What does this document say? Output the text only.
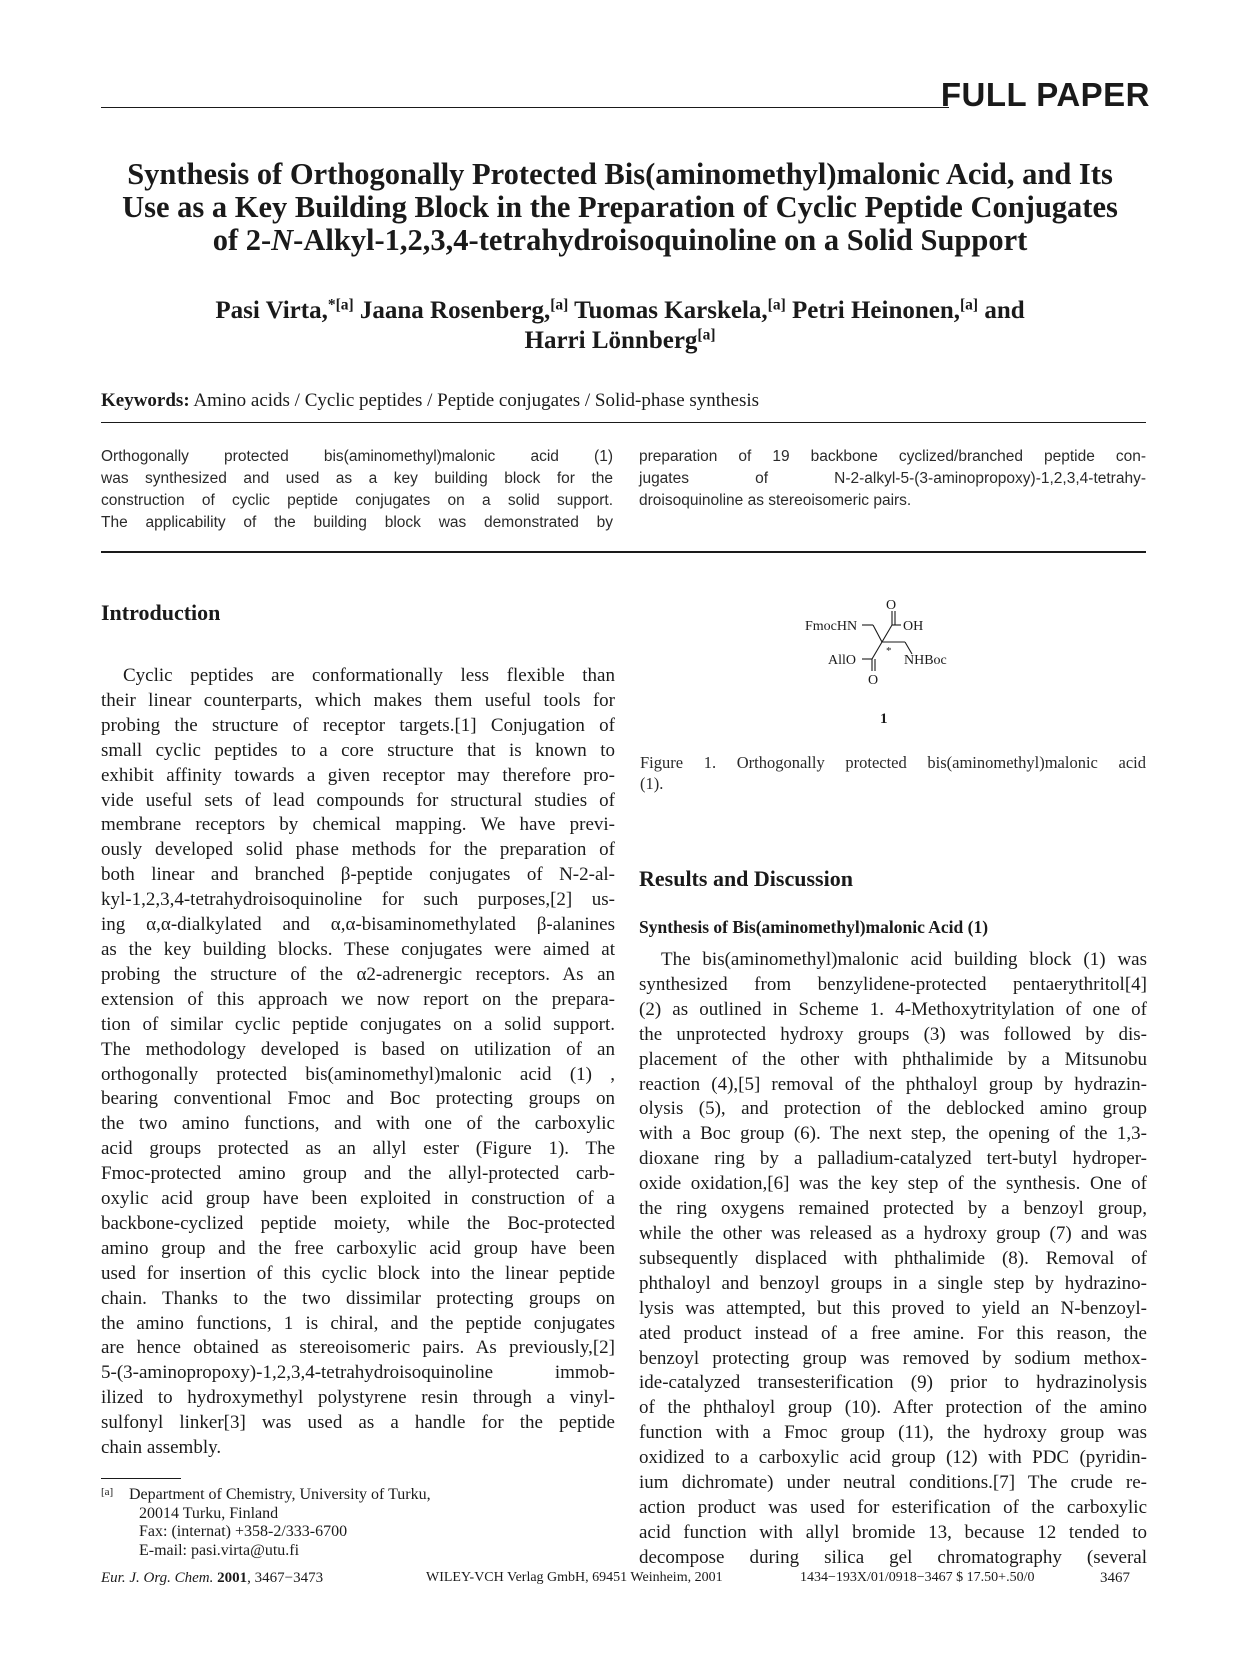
FULL PAPER
Synthesis of Orthogonally Protected Bis(aminomethyl)malonic Acid, and Its
Use as a Key Building Block in the Preparation of Cyclic Peptide Conjugates
of 2-N-Alkyl-1,2,3,4-tetrahydroisoquinoline on a Solid Support
Pasi Virta,$^{*[a]}$ Jaana Rosenberg,[a] Tuomas Karskela,[a] Petri Heinonen,[a] and
Harri Lönnberg[a]
Keywords: Amino acids / Cyclic peptides / Peptide conjugates / Solid-phase synthesis
Orthogonally protected bis(aminomethyl)malonic acid (1)
was synthesized and used as a key building block for the
construction of cyclic peptide conjugates on a solid support.
The applicability of the building block was demonstrated by
preparation of 19 backbone cyclized/branched peptide con-
jugates of N-2-alkyl-5-(3-aminopropoxy)-1,2,3,4-tetrahy-
droisoquinoline as stereoisomeric pairs.
Introduction
Cyclic peptides are conformationally less flexible than
their linear counterparts, which makes them useful tools for
probing the structure of receptor targets.[1] Conjugation of
small cyclic peptides to a core structure that is known to
exhibit affinity towards a given receptor may therefore pro-
vide useful sets of lead compounds for structural studies of
membrane receptors by chemical mapping. We have previ-
ously developed solid phase methods for the preparation of
both linear and branched β-peptide conjugates of N-2-al-
kyl-1,2,3,4-tetrahydroisoquinoline for such purposes,[2] us-
ing α,α-dialkylated and α,α-bisaminomethylated β-alanines
as the key building blocks. These conjugates were aimed at
probing the structure of the α2-adrenergic receptors. As an
extension of this approach we now report on the prepara-
tion of similar cyclic peptide conjugates on a solid support.
The methodology developed is based on utilization of an
orthogonally protected bis(aminomethyl)malonic acid (1) ,
bearing conventional Fmoc and Boc protecting groups on
the two amino functions, and with one of the carboxylic
acid groups protected as an allyl ester (Figure 1). The
Fmoc-protected amino group and the allyl-protected carb-
oxylic acid group have been exploited in construction of a
backbone-cyclized peptide moiety, while the Boc-protected
amino group and the free carboxylic acid group have been
used for insertion of this cyclic block into the linear peptide
chain. Thanks to the two dissimilar protecting groups on
the amino functions, 1 is chiral, and the peptide conjugates
are hence obtained as stereoisomeric pairs. As previously,[2]
5-(3-aminopropoxy)-1,2,3,4-tetrahydroisoquinoline immob-
ilized to hydroxymethyl polystyrene resin through a vinyl-
sulfonyl linker[3] was used as a handle for the peptide
chain assembly.
[a] Department of Chemistry, University of Turku,
20014 Turku, Finland
Fax: (internat) +358-2/333-6700
E-mail: pasi.virta@utu.fi
FmocHN	OH
O
AllO
O
NHBoc
*
1
Figure 1. Orthogonally protected bis(aminomethyl)malonic acid
(1).
Results and Discussion
Synthesis of Bis(aminomethyl)malonic Acid (1)
The bis(aminomethyl)malonic acid building block (1) was
synthesized from benzylidene-protected pentaerythritol[4]
(2) as outlined in Scheme 1. 4-Methoxytritylation of one of
the unprotected hydroxy groups (3) was followed by dis-
placement of the other with phthalimide by a Mitsunobu
reaction (4),[5] removal of the phthaloyl group by hydrazin-
olysis (5), and protection of the deblocked amino group
with a Boc group (6). The next step, the opening of the 1,3-
dioxane ring by a palladium-catalyzed tert-butyl hydroper-
oxide oxidation,[6] was the key step of the synthesis. One of
the ring oxygens remained protected by a benzoyl group,
while the other was released as a hydroxy group (7) and was
subsequently displaced with phthalimide (8). Removal of
phthaloyl and benzoyl groups in a single step by hydrazino-
lysis was attempted, but this proved to yield an N-benzoyl-
ated product instead of a free amine. For this reason, the
benzoyl protecting group was removed by sodium methox-
ide-catalyzed transesterification (9) prior to hydrazinolysis
of the phthaloyl group (10). After protection of the amino
function with a Fmoc group (11), the hydroxy group was
oxidized to a carboxylic acid group (12) with PDC (pyridin-
ium dichromate) under neutral conditions.[7] The crude re-
action product was used for esterification of the carboxylic
acid function with allyl bromide 13, because 12 tended to
decompose during silica gel chromatography (several
Eur. J. Org. Chem. 2001, 3467−3473	WILEY-VCH Verlag GmbH, 69451 Weinheim, 2001	1434−193X/01/0918−3467 $ 17.50+.50/0	3467
